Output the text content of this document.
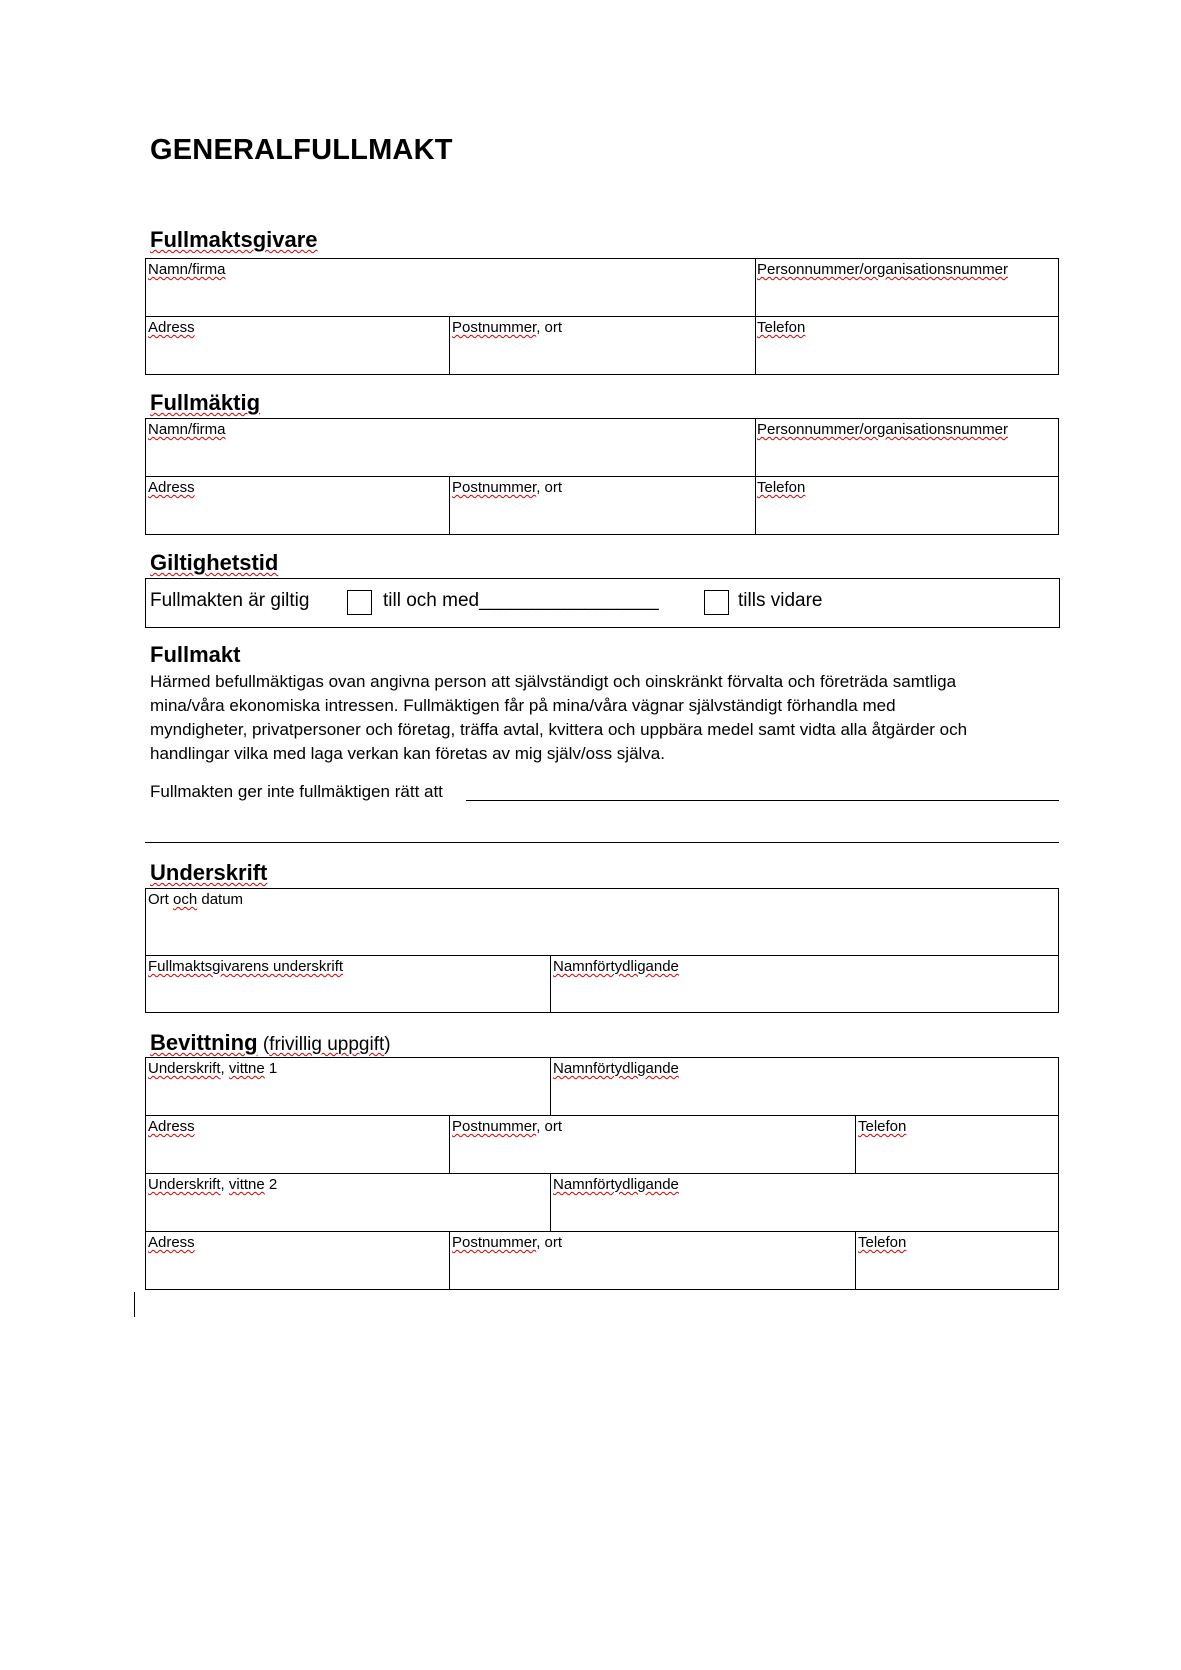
GENERALFULLMAKT
Fullmaktsgivare
Namn/firma	Personnummer/organisationsnummer
Adress	Postnummer, ort	Telefon
Fullmäktig
Namn/firma	Personnummer/organisationsnummer
Adress	Postnummer, ort	Telefon
Giltighetstid
Fullmakten är giltig	till och med_________________	tills vidare
Fullmakt
Härmed befullmäktigas ovan angivna person att självständigt och oinskränkt förvalta och företräda samtliga
mina/våra ekonomiska intressen. Fullmäktigen får på mina/våra vägnar självständigt förhandla med
myndigheter, privatpersoner och företag, träffa avtal, kvittera och uppbära medel samt vidta alla åtgärder och
handlingar vilka med laga verkan kan företas av mig själv/oss själva.
Fullmakten ger inte fullmäktigen rätt att
Underskrift
Ort och datum
Fullmaktsgivarens underskrift	Namnförtydligande
Bevittning (frivillig uppgift)
Underskrift, vittne 1	Namnförtydligande
Adress	Postnummer, ort	Telefon
Underskrift, vittne 2	Namnförtydligande
Adress	Postnummer, ort	Telefon
